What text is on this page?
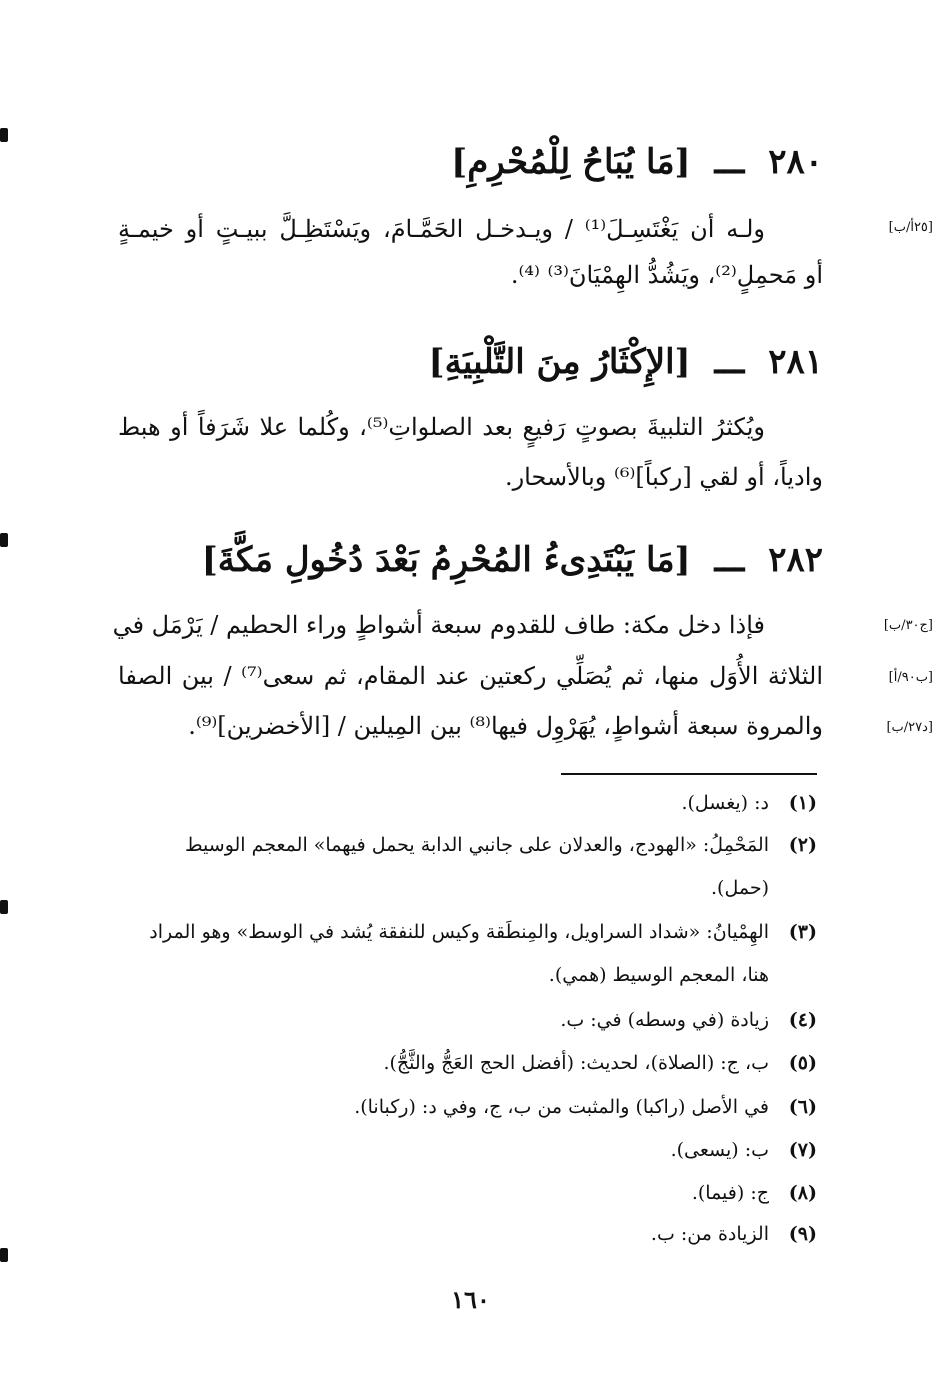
٢٨٠ ـــ [مَا يُبَاحُ لِلْمُحْرِمِ]
[٢٥أ/ب]
ولـه أن يَغْتَسِـلَ⁽¹⁾ / ويـدخـل الحَمَّـامَ، ويَسْتَظِـلَّ ببيـتٍ أو خيمـةٍ
أو مَحمِلٍ⁽²⁾، ويَشُدُّ الهِمْيَانَ⁽³⁾ ⁽⁴⁾.
٢٨١ ـــ [الإِكْثَارُ مِنَ التَّلْبِيَةِ]
ويُكثرُ التلبيةَ بصوتٍ رَفيعٍ بعد الصلواتِ⁽⁵⁾، وكُلما علا شَرَفاً أو هبط
وادياً، أو لقي [ركباً]⁽⁶⁾ وبالأسحار.
٢٨٢ ـــ [مَا يَبْتَدِىءُ المُحْرِمُ بَعْدَ دُخُولِ مَكَّةَ]
[ج٣٠/ب]
[ب٩٠/أ]
[د٢٧/ب]
فإذا دخل مكة: طاف للقدوم سبعة أشواطٍ وراء الحطيم / يَرْمَل في
الثلاثة الأُوَل منها، ثم يُصَلِّي ركعتين عند المقام، ثم سعى⁽⁷⁾ / بين الصفا
والمروة سبعة أشواطٍ، يُهَرْوِل فيها⁽⁸⁾ بين المِيلين / [الأخضرين]⁽⁹⁾.
(١)د: (يغسل).
(٢)المَحْمِلُ: «الهودج، والعدلان على جانبي الدابة يحمل فيهما» المعجم الوسيط
(حمل).
(٣)الهِمْيانُ: «شداد السراويل، والمِنطَقة وكيس للنفقة يُشد في الوسط» وهو المراد
هنا، المعجم الوسيط (همي).
(٤)زيادة (في وسطه) في: ب.
(٥)ب، ج: (الصلاة)، لحديث: (أفضل الحج العَجُّ والثَّجُّ).
(٦)في الأصل (راكبا) والمثبت من ب، ج، وفي د: (ركبانا).
(٧)ب: (يسعى).
(٨)ج: (فيما).
(٩)الزيادة من: ب.
١٦٠
